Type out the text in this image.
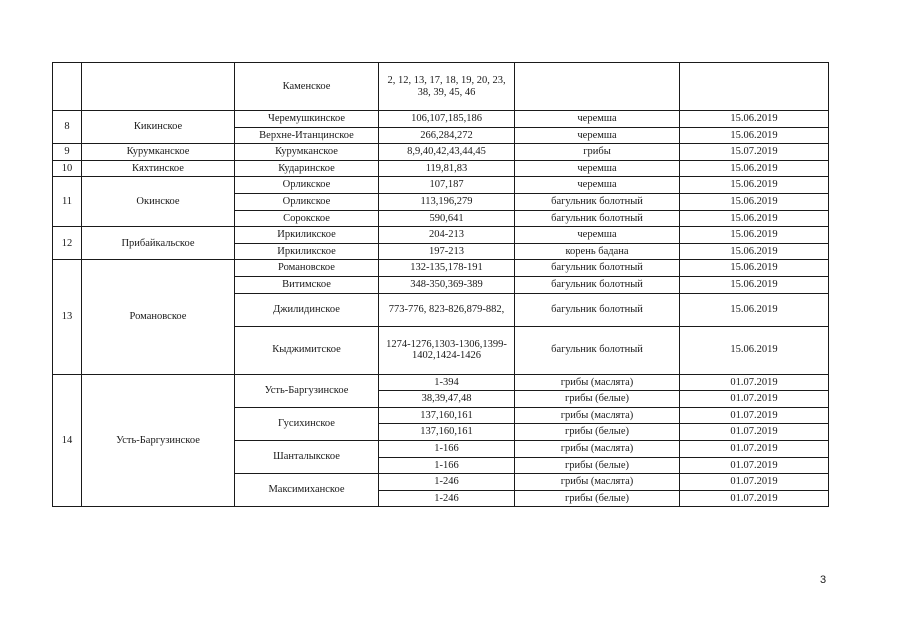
		Каменское	2, 12, 13, 17, 18, 19, 20, 23, 38, 39, 45, 46		
8	Кикинское	Черемушкинское	106,107,185,186	черемша	15.06.2019
		Верхне-Итанцинское	266,284,272	черемша	15.06.2019
9	Курумканское	Курумканское	8,9,40,42,43,44,45	грибы	15.07.2019
10	Кяхтинское	Кударинское	119,81,83	черемша	15.06.2019
11	Окинское	Орликское	107,187	черемша	15.06.2019
		Орликское	113,196,279	багульник болотный	15.06.2019
		Сорокское	590,641	багульник болотный	15.06.2019
12	Прибайкальское	Иркиликское	204-213	черемша	15.06.2019
		Иркиликское	197-213	корень бадана	15.06.2019
13	Романовское	Романовское	132-135,178-191	багульник болотный	15.06.2019
		Витимское	348-350,369-389	багульник болотный	15.06.2019
		Джилидинское	773-776, 823-826,879-882,	багульник болотный	15.06.2019
		Кыджимитское	1274-1276,1303-1306,1399-1402,1424-1426	багульник болотный	15.06.2019
14	Усть-Баргузинское	Усть-Баргузинское	1-394	грибы (маслята)	01.07.2019
			38,39,47,48	грибы (белые)	01.07.2019
		Гусихинское	137,160,161	грибы (маслята)	01.07.2019
			137,160,161	грибы (белые)	01.07.2019
		Шанталыкское	1-166	грибы (маслята)	01.07.2019
			1-166	грибы (белые)	01.07.2019
		Максимиханское	1-246	грибы (маслята)	01.07.2019
			1-246	грибы (белые)	01.07.2019
3
